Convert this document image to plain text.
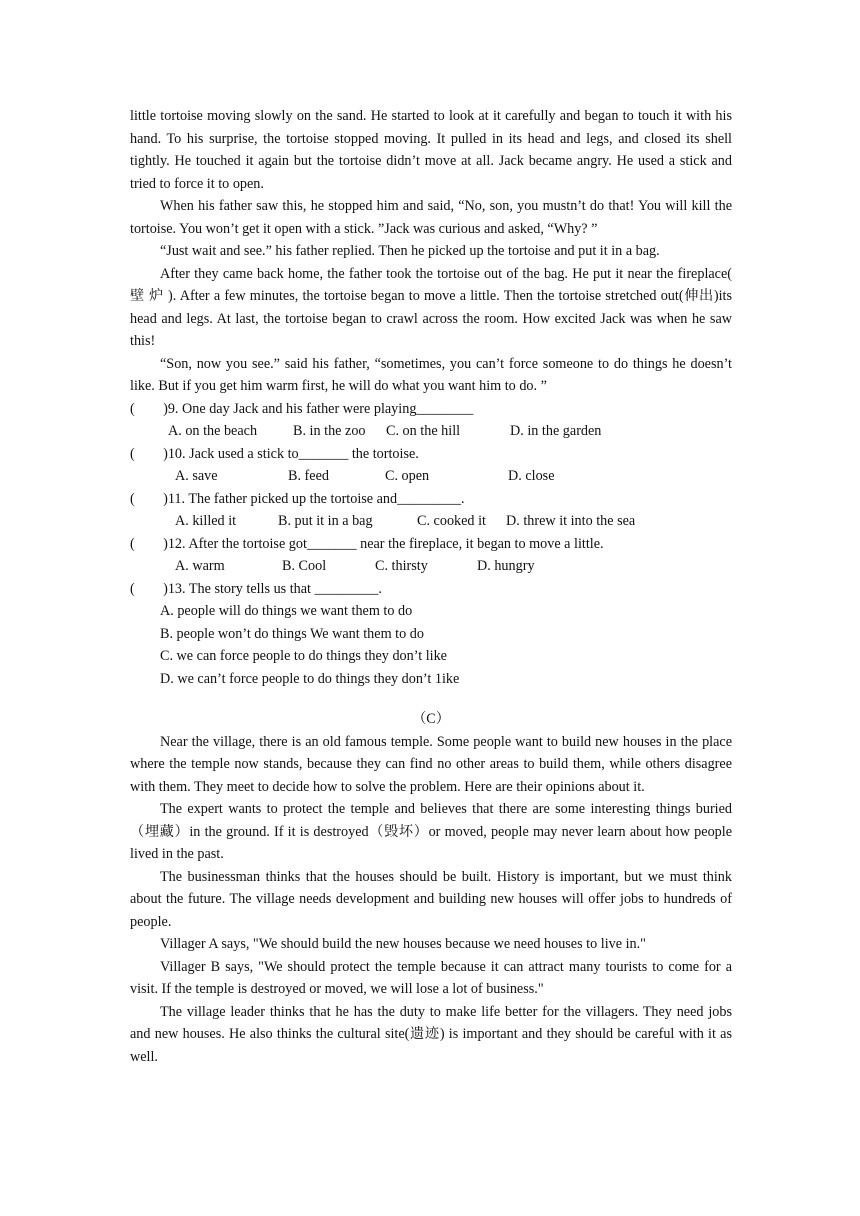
little tortoise moving slowly on the sand. He started to look at it carefully and began to touch it with his hand. To his surprise, the tortoise stopped moving. It pulled in its head and legs, and closed its shell tightly. He touched it again but the tortoise didn’t move at all. Jack became angry. He used a stick and tried to force it to open.

When his father saw this, he stopped him and said, “No, son, you mustn’t do that! You will kill the tortoise. You won’t get it open with a stick. ”Jack was curious and asked, “Why? ”

“Just wait and see.” his father replied. Then he picked up the tortoise and put it in a bag.

After they came back home, the father took the tortoise out of the bag. He put it near the fireplace( 壁 炉 ). After a few minutes, the tortoise began to move a little. Then the tortoise stretched out(伸出)its head and legs. At last, the tortoise began to crawl across the room. How excited Jack was when he saw this!

“Son, now you see.” said his father, “sometimes, you can’t force someone to do things he doesn’t like. But if you get him warm first, he will do what you want him to do. ”

(        )9. One day Jack and his father were playing________

A. on the beach	B. in the zoo C. on the hill	D. in the garden

(        )10. Jack used a stick to_______ the tortoise.

A. save	B. feed	C. open	D. close

(        )11. The father picked up the tortoise and_________.

A. killed it	B. put it in a bag	C. cooked it D. threw it into the sea

(        )12. After the tortoise got_______ near the fireplace, it began to move a little.

A. warm	B. Cool	C. thirsty	D. hungry

(        )13. The story tells us that _________.

A. people will do things we want them to do

B. people won’t do things We want them to do

C. we can force people to do things they don’t like

D. we can’t force people to do things they don’t 1ike

（C）

Near the village, there is an old famous temple. Some people want to build new houses in the place where the temple now stands, because they can find no other areas to build them, while others disagree with them. They meet to decide how to solve the problem. Here are their opinions about it.

The expert wants to protect the temple and believes that there are some interesting things buried（埋藏）in the ground. If it is destroyed（毁坏）or moved, people may never learn about how people lived in the past.

The businessman thinks that the houses should be built. History is important, but we must think about the future. The village needs development and building new houses will offer jobs to hundreds of people.

Villager A says, "We should build the new houses because we need houses to live in."

Villager B says, "We should protect the temple because it can attract many tourists to come for a visit. If the temple is destroyed or moved, we will lose a lot of business."

The village leader thinks that he has the duty to make life better for the villagers. They need jobs and new houses. He also thinks the cultural site(遗迹) is important and they should be careful with it as well.
